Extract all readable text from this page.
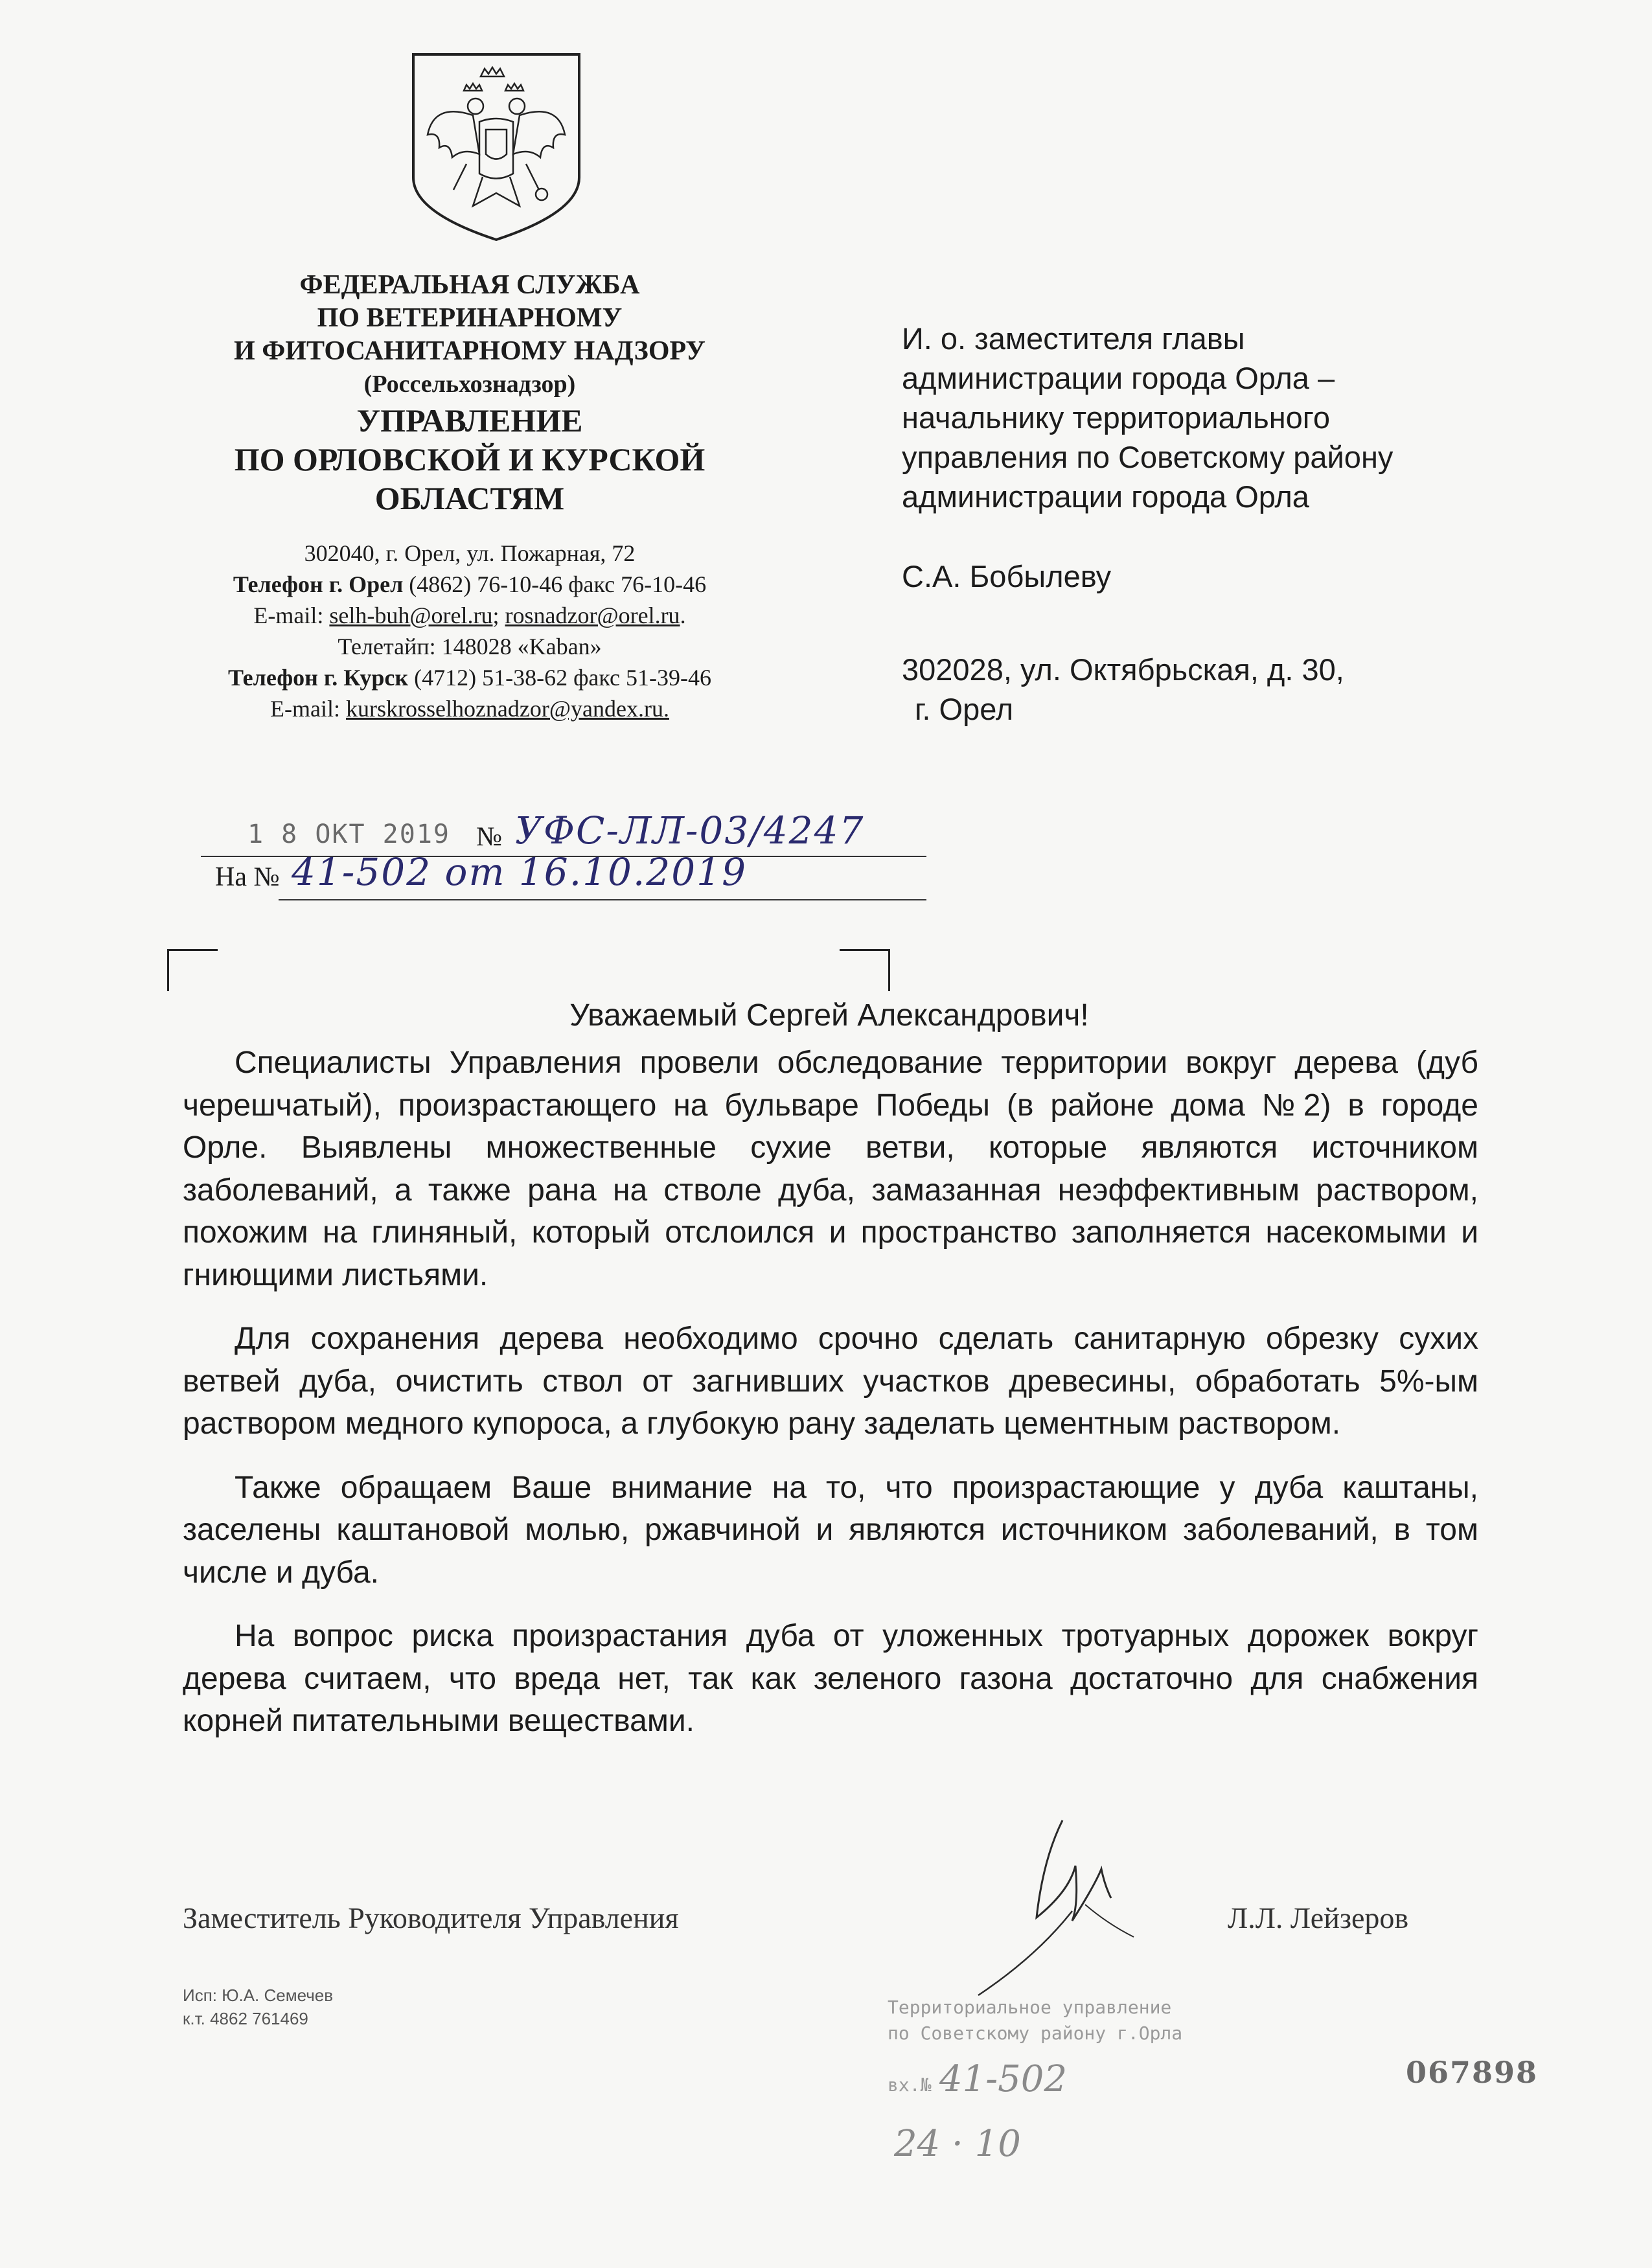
ФЕДЕРАЛЬНАЯ СЛУЖБА
ПО ВЕТЕРИНАРНОМУ
И ФИТОСАНИТАРНОМУ НАДЗОРУ
(Россельхознадзор)
УПРАВЛЕНИЕ
ПО ОРЛОВСКОЙ И КУРСКОЙ
ОБЛАСТЯМ
302040, г. Орел, ул. Пожарная, 72
Телефон г. Орел (4862) 76-10-46 факс 76-10-46
E-mail: selh-buh@orel.ru; rosnadzor@orel.ru.
Телетайп: 148028 «Kaban»
Телефон г. Курск (4712) 51-38-62 факс 51-39-46
E-mail: kurskrosselhoznadzor@yandex.ru.

И. о. заместителя главы

администрации города Орла –

начальнику территориального

управления по Советскому району

администрации города Орла

С.А. Бобылеву

302028, ул. Октябрьская, д. 30,

г. Орел

1 8 ОКТ 2019 № УФС-ЛЛ-03/4247
На № 41-502 от 16.10.2019
Уважаемый Сергей Александрович!

Специалисты Управления провели обследование территории вокруг дерева (дуб черешчатый), произрастающего на бульваре Победы (в районе дома №2) в городе Орле. Выявлены множественные сухие ветви, которые являются источником заболеваний, а также рана на стволе дуба, замазанная неэффективным раствором, похожим на глиняный, который отслоился и пространство заполняется насекомыми и гниющими листьями.

Для сохранения дерева необходимо срочно сделать санитарную обрезку сухих ветвей дуба, очистить ствол от загнивших участков древесины, обработать 5%-ым раствором медного купороса, а глубокую рану заделать цементным раствором.

Также обращаем Ваше внимание на то, что произрастающие у дуба каштаны, заселены каштановой молью, ржавчиной и являются источником заболеваний, в том числе и дуба.

На вопрос риска произрастания дуба от уложенных тротуарных дорожек вокруг дерева считаем, что вреда нет, так как зеленого газона достаточно для снабжения корней питательными веществами.

Заместитель Руководителя Управления	Л.Л. Лейзеров
Исп: Ю.А. Семечев
к.т. 4862 761469
Территориальное управление
по Советскому району г.Орла
вх.№ 41-502
24 · 10
067898
